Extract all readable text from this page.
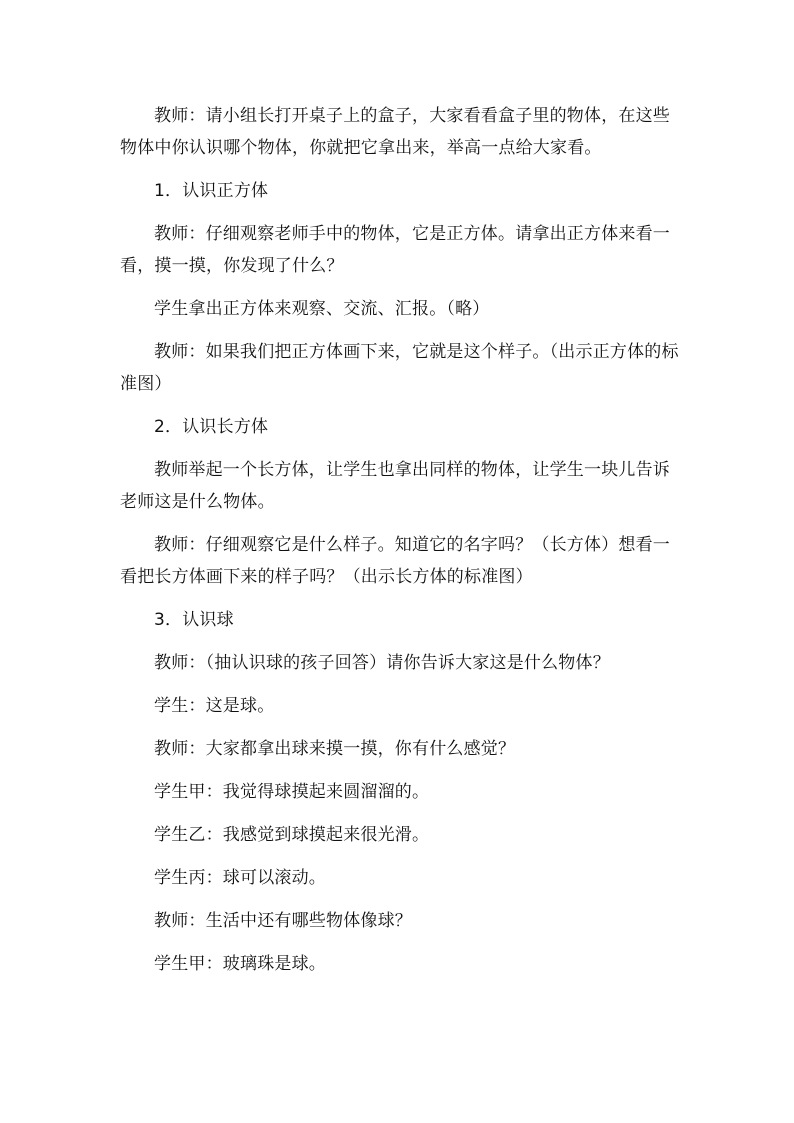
教师：请小组长打开桌子上的盒子，大家看看盒子里的物体，在这些物体中你认识哪个物体，你就把它拿出来，举高一点给大家看。

1．认识正方体

教师：仔细观察老师手中的物体，它是正方体。请拿出正方体来看一看，摸一摸，你发现了什么？

学生拿出正方体来观察、交流、汇报。（略）

教师：如果我们把正方体画下来，它就是这个样子。（出示正方体的标准图）

2．认识长方体

教师举起一个长方体，让学生也拿出同样的物体，让学生一块儿告诉老师这是什么物体。

教师：仔细观察它是什么样子。知道它的名字吗？（长方体）想看一看把长方体画下来的样子吗？（出示长方体的标准图）

3．认识球

教师：（抽认识球的孩子回答）请你告诉大家这是什么物体？

学生：这是球。

教师：大家都拿出球来摸一摸，你有什么感觉？

学生甲：我觉得球摸起来圆溜溜的。

学生乙：我感觉到球摸起来很光滑。

学生丙：球可以滚动。

教师：生活中还有哪些物体像球？

学生甲：玻璃珠是球。
